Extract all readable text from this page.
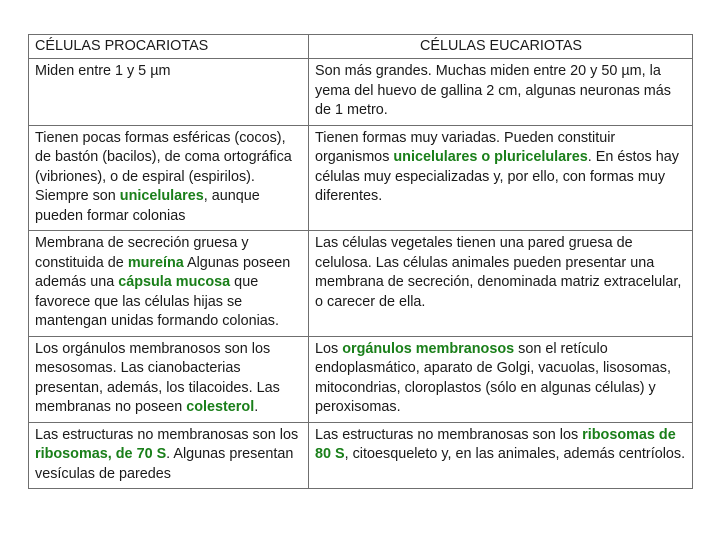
CÉLULAS PROCARIOTAS	CÉLULAS EUCARIOTAS
Miden entre 1 y 5 µm	Son más grandes. Muchas miden entre 20 y 50 µm, la yema del huevo de gallina 2 cm, algunas neuronas más de 1 metro.
Tienen pocas formas esféricas (cocos), de bastón (bacilos), de coma ortográfica (vibriones), o de espiral (espirilos). Siempre son unicelulares, aunque pueden formar colonias	Tienen formas muy variadas. Pueden constituir organismos unicelulares o pluricelulares. En éstos hay células muy especializadas y, por ello, con formas muy diferentes.
Membrana de secreción gruesa y constituida de mureína Algunas poseen además una cápsula mucosa que favorece que las células hijas se mantengan unidas formando colonias.	Las células vegetales tienen una pared gruesa de celulosa. Las células animales pueden presentar una membrana de secreción, denominada matriz extracelular, o carecer de ella.
Los orgánulos membranosos son los mesosomas. Las cianobacterias presentan, además, los tilacoides. Las membranas no poseen colesterol.	Los orgánulos membranosos son el retículo endoplasmático, aparato de Golgi, vacuolas, lisosomas, mitocondrias, cloroplastos (sólo en algunas células) y peroxisomas.
Las estructuras no membranosas son los ribosomas, de 70 S. Algunas presentan vesículas de paredes	Las estructuras no membranosas son los ribosomas de 80 S, citoesqueleto y, en las animales, además centríolos.
